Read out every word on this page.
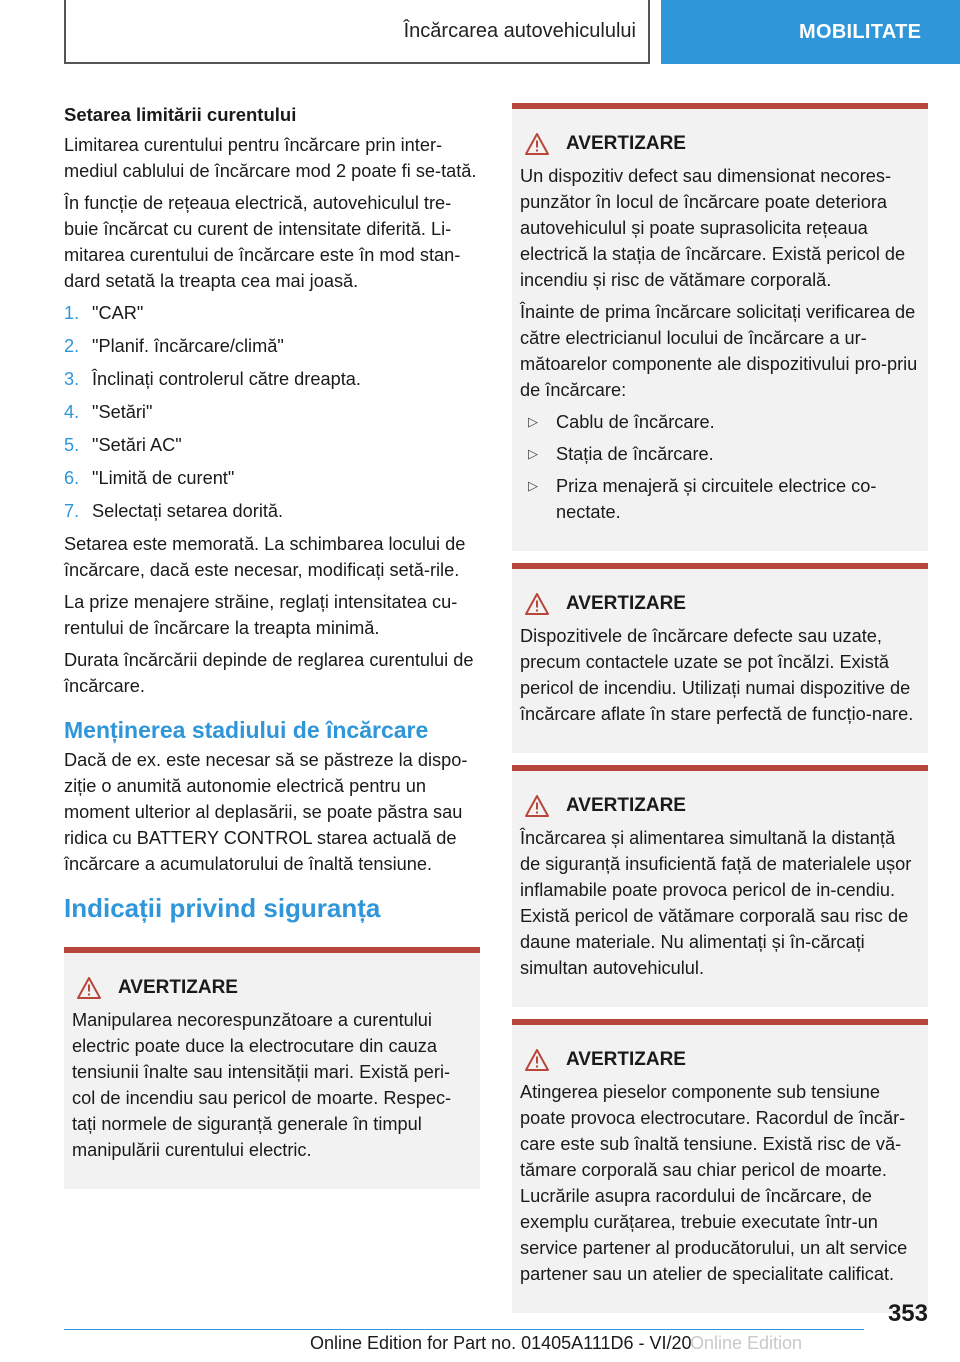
Încărcarea autovehiculului	MOBILITATE
Setarea limitării curentului
Limitarea curentului pentru încărcare prin inter-mediul cablului de încărcare mod 2 poate fi se-tată.
În funcție de rețeaua electrică, autovehiculul tre-buie încărcat cu curent de intensitate diferită. Li-mitarea curentului de încărcare este în mod stan-dard setată la treapta cea mai joasă.
1. "CAR"
2. "Planif. încărcare/climă"
3. Înclinați controlerul către dreapta.
4. "Setări"
5. "Setări AC"
6. "Limită de curent"
7. Selectați setarea dorită.
Setarea este memorată. La schimbarea locului de încărcare, dacă este necesar, modificați setă-rile.
La prize menajere străine, reglați intensitatea cu-rentului de încărcare la treapta minimă.
Durata încărcării depinde de reglarea curentului de încărcare.
Menținerea stadiului de încărcare
Dacă de ex. este necesar să se păstreze la dispo-ziție o anumită autonomie electrică pentru un moment ulterior al deplasării, se poate păstra sau ridica cu BATTERY CONTROL starea actuală de încărcare a acumulatorului de înaltă tensiune.
Indicații privind siguranța
AVERTIZARE
Manipularea necorespunzătoare a curentului electric poate duce la electrocutare din cauza tensiunii înalte sau intensității mari. Există peri-col de incendiu sau pericol de moarte. Respec-tați normele de siguranță generale în timpul manipulării curentului electric.
AVERTIZARE
Un dispozitiv defect sau dimensionat necores-punzător în locul de încărcare poate deteriora autovehiculul și poate suprasolicita rețeaua electrică la stația de încărcare. Există pericol de incendiu și risc de vătămare corporală.
Înainte de prima încărcare solicitați verificarea de către electricianul locului de încărcare a ur-mătoarelor componente ale dispozitivului pro-priu de încărcare:
▷ Cablu de încărcare.
▷ Stația de încărcare.
▷ Priza menajeră și circuitele electrice co-nectate.
AVERTIZARE
Dispozitivele de încărcare defecte sau uzate, precum contactele uzate se pot încălzi. Există pericol de incendiu. Utilizați numai dispozitive de încărcare aflate în stare perfectă de funcțio-nare.
AVERTIZARE
Încărcarea și alimentarea simultană la distanță de siguranță insuficientă față de materialele ușor inflamabile poate provoca pericol de in-cendiu. Există pericol de vătămare corporală sau risc de daune materiale. Nu alimentați și în-cărcați simultan autovehiculul.
AVERTIZARE
Atingerea pieselor componente sub tensiune poate provoca electrocutare. Racordul de încăr-care este sub înaltă tensiune. Există risc de vă-tămare corporală sau chiar pericol de moarte. Lucrările asupra racordului de încărcare, de exemplu curățarea, trebuie executate într-un service partener al producătorului, un alt service partener sau un atelier de specialitate calificat.
353
Online Edition for Part no. 01405A111D6 - VI/20
Online Edition
